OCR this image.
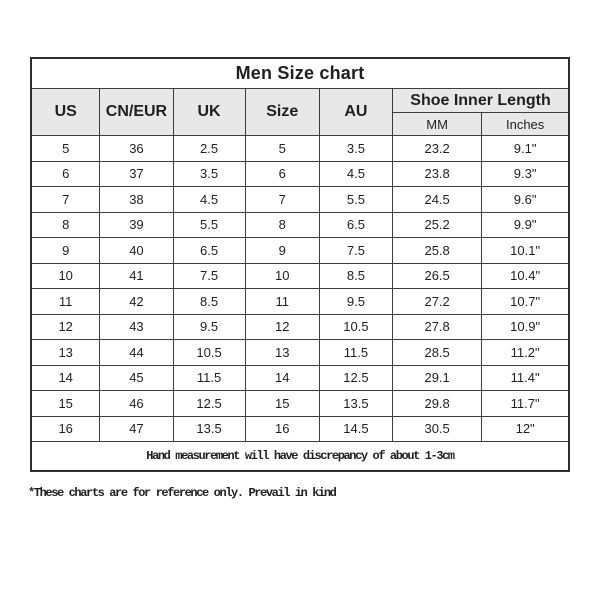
Men Size chart						
US	CN/EUR	UK	Size	AU	Shoe Inner Length	
					MM	Inches
5	36	2.5	5	3.5	23.2	9.1"
6	37	3.5	6	4.5	23.8	9.3"
7	38	4.5	7	5.5	24.5	9.6"
8	39	5.5	8	6.5	25.2	9.9"
9	40	6.5	9	7.5	25.8	10.1"
10	41	7.5	10	8.5	26.5	10.4"
11	42	8.5	11	9.5	27.2	10.7"
12	43	9.5	12	10.5	27.8	10.9"
13	44	10.5	13	11.5	28.5	11.2"
14	45	11.5	14	12.5	29.1	11.4"
15	46	12.5	15	13.5	29.8	11.7"
16	47	13.5	16	14.5	30.5	12"
Hand measurement will have discrepancy of about 1-3cm						
*These charts are for reference only. Prevail in kind
